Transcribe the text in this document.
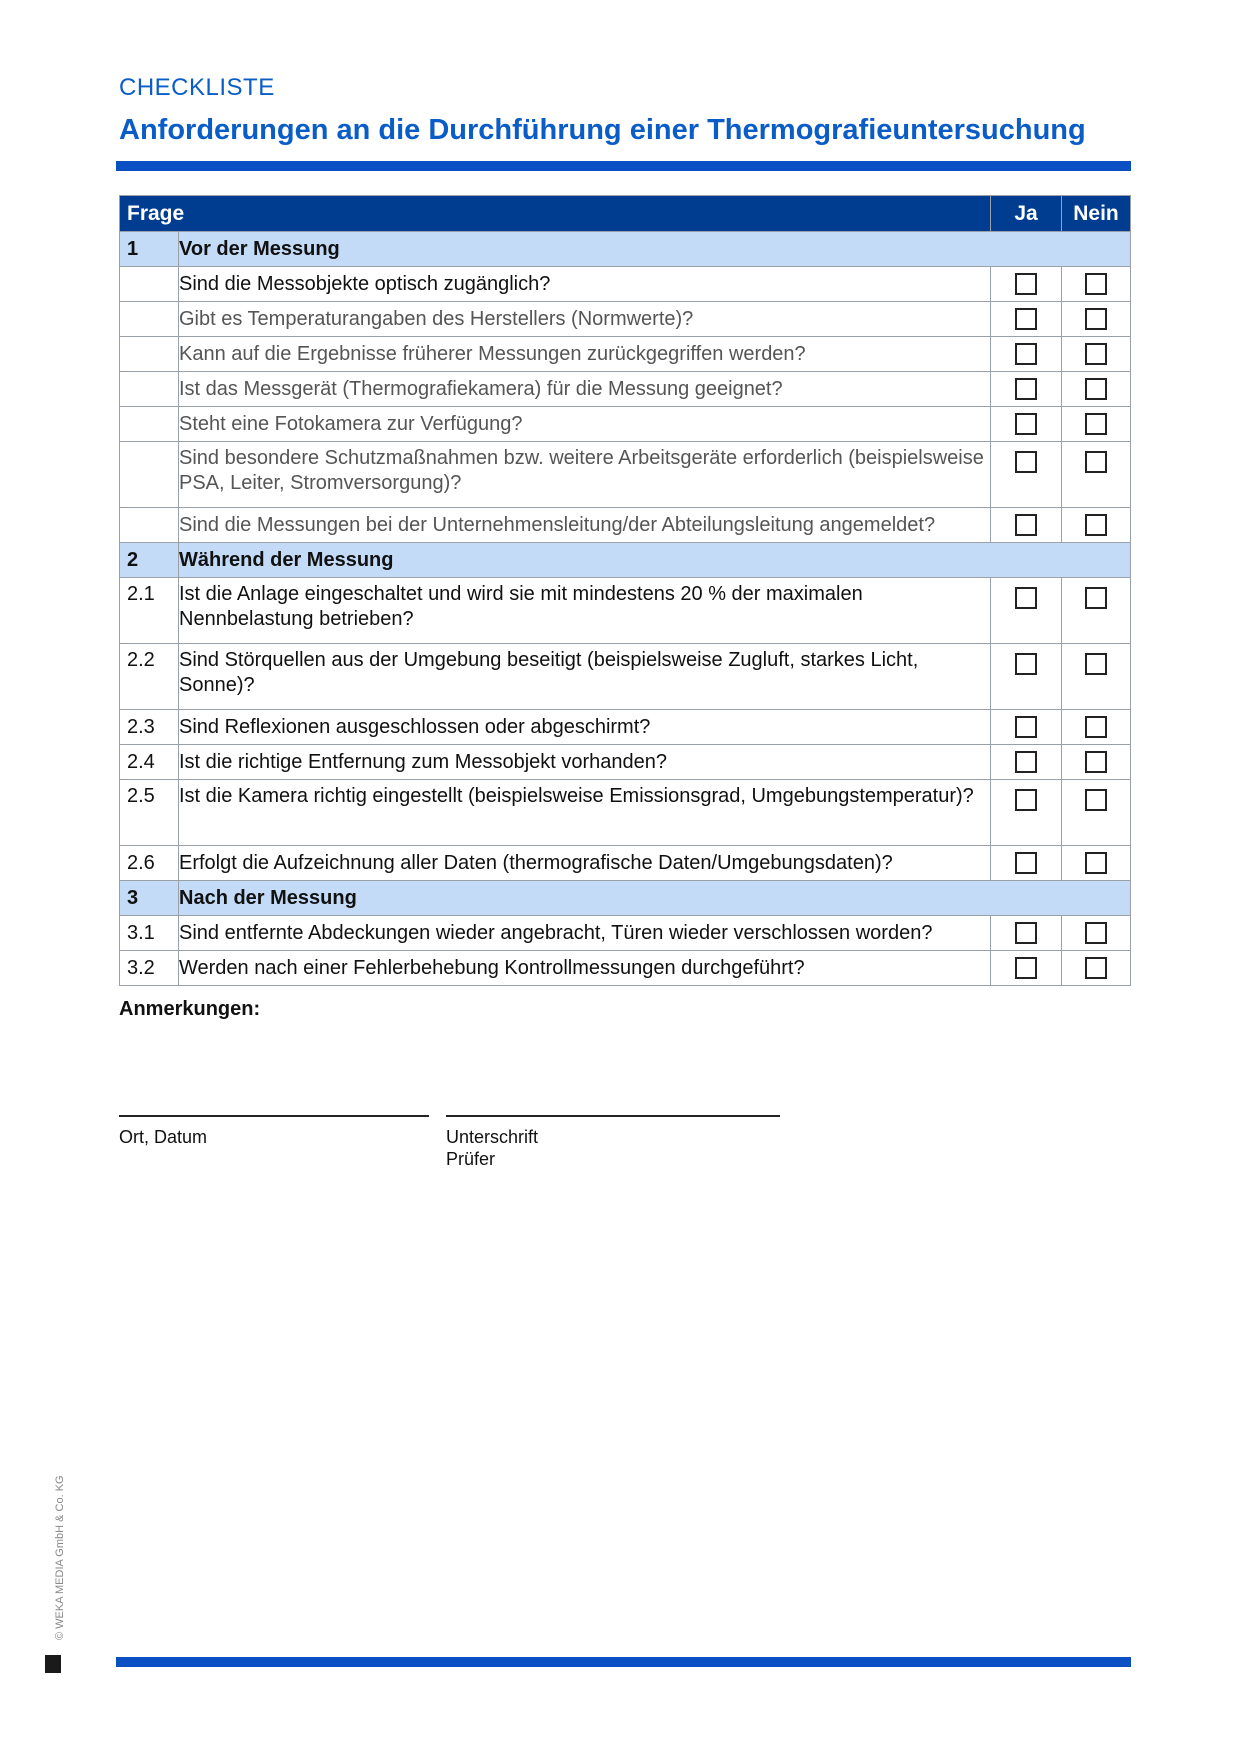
CHECKLISTE
Anforderungen an die Durchführung einer Thermografieuntersuchung
Frage		Ja	Nein
1	Vor der Messung		
	Sind die Messobjekte optisch zugänglich?		
	Gibt es Temperaturangaben des Herstellers (Normwerte)?		
	Kann auf die Ergebnisse früherer Messungen zurückgegriffen werden?		
	Ist das Messgerät (Thermografiekamera) für die Messung geeignet?		
	Steht eine Fotokamera zur Verfügung?		
	Sind besondere Schutzmaßnahmen bzw. weitere Arbeitsgeräte erforderlich (beispielsweise PSA, Leiter, Stromversorgung)?		
	Sind die Messungen bei der Unternehmensleitung/der Abteilungsleitung angemeldet?		
2	Während der Messung		
2.1	Ist die Anlage eingeschaltet und wird sie mit mindestens 20 % der maximalen Nennbelastung betrieben?		
2.2	Sind Störquellen aus der Umgebung beseitigt (beispielsweise Zugluft, starkes Licht, Sonne)?		
2.3	Sind Reflexionen ausgeschlossen oder abgeschirmt?		
2.4	Ist die richtige Entfernung zum Messobjekt vorhanden?		
2.5	Ist die Kamera richtig eingestellt (beispielsweise Emissionsgrad, Umgebungstemperatur)?		
2.6	Erfolgt die Aufzeichnung aller Daten (thermografische Daten/Umgebungsdaten)?		
3	Nach der Messung		
3.1	Sind entfernte Abdeckungen wieder angebracht, Türen wieder verschlossen worden?		
3.2	Werden nach einer Fehlerbehebung Kontrollmessungen durchgeführt?		
Anmerkungen:
Ort, Datum	Unterschrift
Prüfer
© WEKA MEDIA GmbH & Co. KG
